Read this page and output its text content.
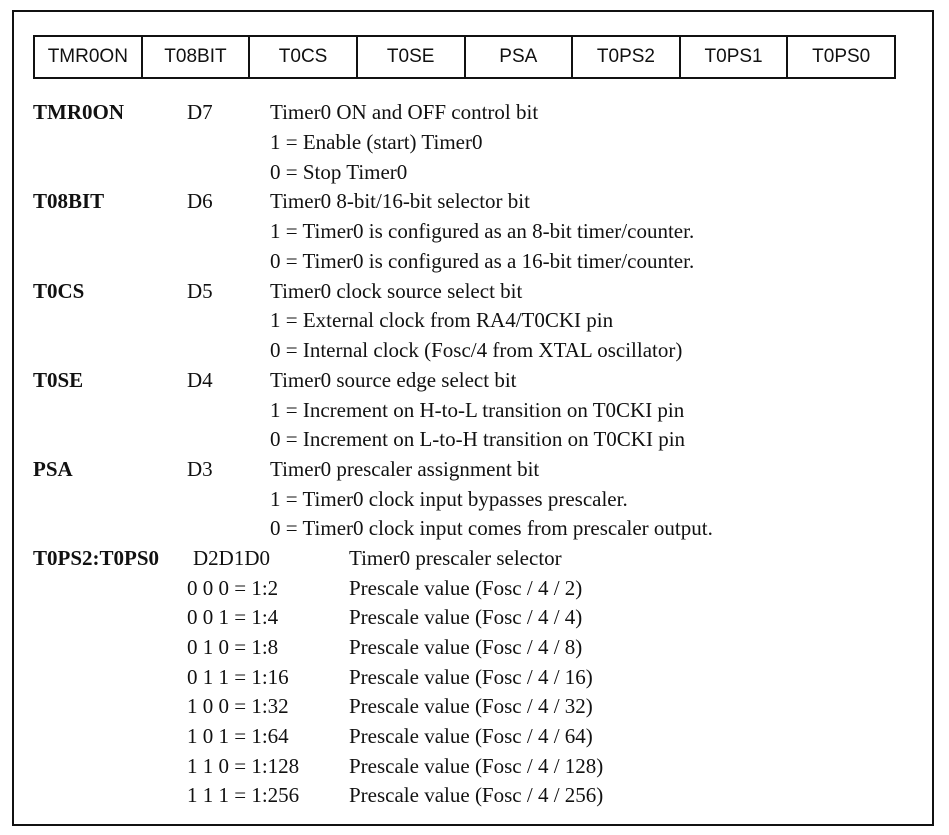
TMR0ON	T08BIT	T0CS	T0SE	PSA	T0PS2	T0PS1	T0PS0
TMR0ON	D7	Timer0 ON and OFF control bit
1 = Enable (start) Timer0
0 = Stop Timer0
T08BIT	D6	Timer0 8-bit/16-bit selector bit
1 = Timer0 is configured as an 8-bit timer/counter.
0 = Timer0 is configured as a 16-bit timer/counter.
T0CS	D5	Timer0 clock source select bit
1 = External clock from RA4/T0CKI pin
0 = Internal clock (Fosc/4 from XTAL oscillator)
T0SE	D4	Timer0 source edge select bit
1 = Increment on H-to-L transition on T0CKI pin
0 = Increment on L-to-H transition on T0CKI pin
PSA	D3	Timer0 prescaler assignment bit
1 = Timer0 clock input bypasses prescaler.
0 = Timer0 clock input comes from prescaler output.
T0PS2:T0PS0 D2D1D0	Timer0 prescaler selector
0 0 0 = 1:2	Prescale value (Fosc / 4 / 2)
0 0 1 = 1:4	Prescale value (Fosc / 4 / 4)
0 1 0 = 1:8	Prescale value (Fosc / 4 / 8)
0 1 1 = 1:16	Prescale value (Fosc / 4 / 16)
1 0 0 = 1:32	Prescale value (Fosc / 4 / 32)
1 0 1 = 1:64	Prescale value (Fosc / 4 / 64)
1 1 0 = 1:128 Prescale value (Fosc / 4 / 128)
1 1 1 = 1:256 Prescale value (Fosc / 4 / 256)
